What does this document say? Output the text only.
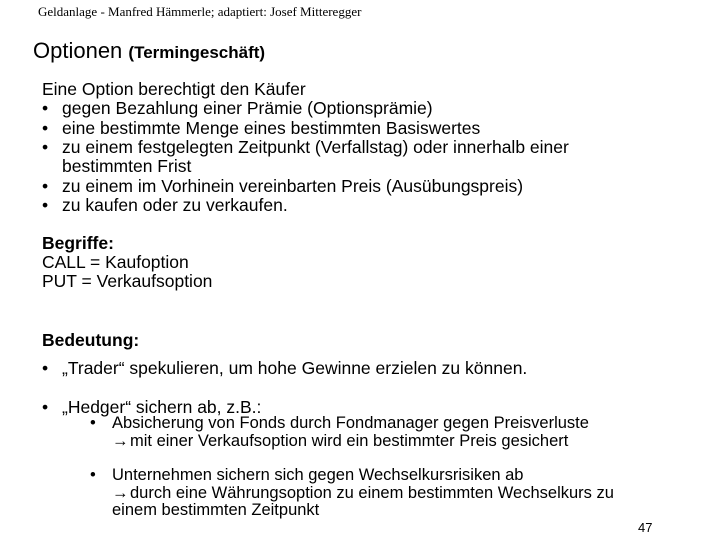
Geldanlage - Manfred Hämmerle; adaptiert: Josef Mitteregger
Optionen (Termingeschäft)
Eine Option berechtigt den Käufer
• gegen Bezahlung einer Prämie (Optionsprämie)
• eine bestimmte Menge eines bestimmten Basiswertes
• zu einem festgelegten Zeitpunkt (Verfallstag) oder innerhalb einer
bestimmten Frist
• zu einem im Vorhinein vereinbarten Preis (Ausübungspreis)
• zu kaufen oder zu verkaufen.
Begriffe:
CALL = Kaufoption
PUT = Verkaufsoption
Bedeutung:
• „Trader“ spekulieren, um hohe Gewinne erzielen zu können.
• „Hedger“ sichern ab, z.B.:
• Absicherung von Fonds durch Fondmanager gegen Preisverluste
→mit einer Verkaufsoption wird ein bestimmter Preis gesichert
• Unternehmen sichern sich gegen Wechselkursrisiken ab
→durch eine Währungsoption zu einem bestimmten Wechselkurs zu
einem bestimmten Zeitpunkt
47
